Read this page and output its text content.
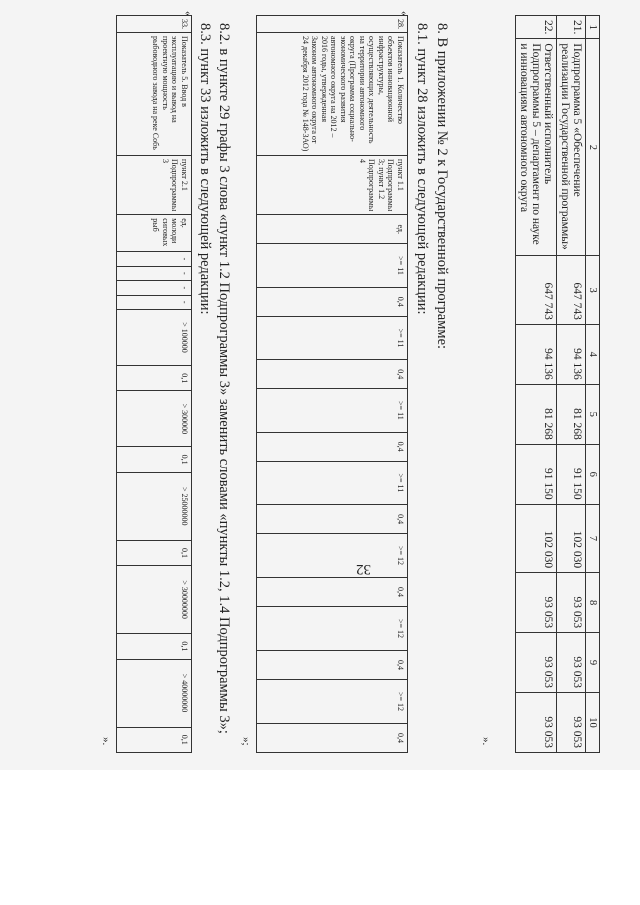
32
1	2	3	4	5	6	7	8	9	10
21.	Подпрограмма 5 «Обеспечение реализации Государственной программы»	647 743	94 136	81 268	91 150	102 030	93 053	93 053	93 053
22.	Ответственный исполнитель Подпрограммы 5 – департамент по науке и инновациям автономного округа	647 743	94 136	81 268	91 150	102 030	93 053	93 053	93 053
».
8. В приложении № 2 к Государственной программе:
8.1. пункт 28 изложить в следующей редакции:
«
28.	Показатель 1. Количество объектов инновационной инфраструктуры, осуществляющих деятельность на территории автономного округа (Программа социально-экономического развития автономного округа на 2012 – 2016 годы, утвержденная Законом автономного округа от 24 декабря 2012 года № 148-ЗАО)	пункт 1.1 Подпрограммы 3; пункт 1.2 Подпрограммы 4	ед.	>= 11	0,4	>= 11	0,4	>= 11	0,4	>= 11	0,4	>= 12	0,4	>= 12	0,4	>= 12	0,4
»;
8.2. в пункте 29 графы 3 слова «пункт 1.2 Подпрограммы 3» заменить словами «пункты 1.2, 1.4 Подпрограммы 3»;
8.3. пункт 33 изложить в следующей редакции:
«
33.	Показатель 5. Ввод в эксплуатацию и вывод на проектную мощность рыбоводного завода на реке Собь	пункт 2.1 Подпрограммы 3	ед. молоди сиговых рыб	-	-	-	-	> 100000	0,1	> 300000	0,1	> 25000000	0,1	> 30000000	0,1	> 40000000	0,1
».
